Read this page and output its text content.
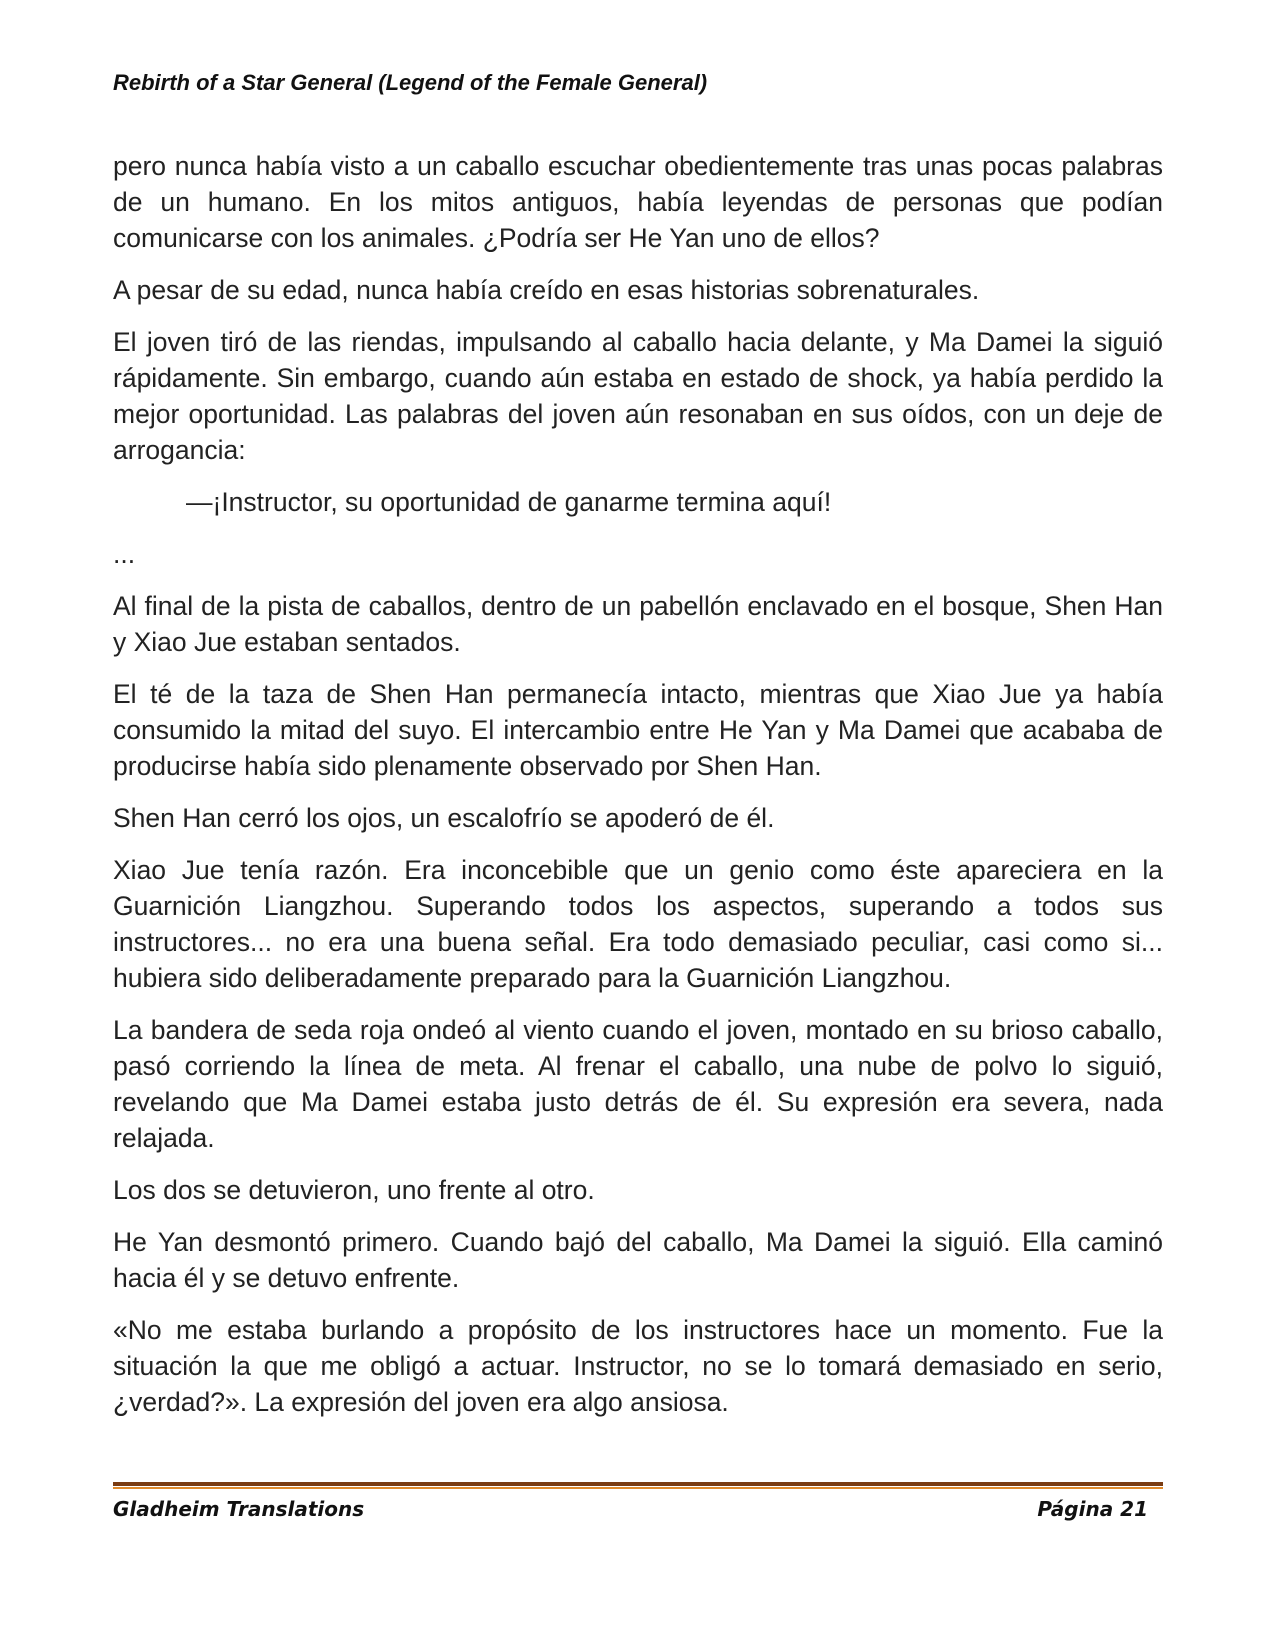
Rebirth of a Star General (Legend of the Female General)

pero nunca había visto a un caballo escuchar obedientemente tras unas pocas palabras de un humano. En los mitos antiguos, había leyendas de personas que podían comunicarse con los animales. ¿Podría ser He Yan uno de ellos?

A pesar de su edad, nunca había creído en esas historias sobrenaturales.

El joven tiró de las riendas, impulsando al caballo hacia delante, y Ma Damei la siguió rápidamente. Sin embargo, cuando aún estaba en estado de shock, ya había perdido la mejor oportunidad. Las palabras del joven aún resonaban en sus oídos, con un deje de arrogancia:

—¡Instructor, su oportunidad de ganarme termina aquí!

...

Al final de la pista de caballos, dentro de un pabellón enclavado en el bosque, Shen Han y Xiao Jue estaban sentados.

El té de la taza de Shen Han permanecía intacto, mientras que Xiao Jue ya había consumido la mitad del suyo. El intercambio entre He Yan y Ma Damei que acababa de producirse había sido plenamente observado por Shen Han.

Shen Han cerró los ojos, un escalofrío se apoderó de él.

Xiao Jue tenía razón. Era inconcebible que un genio como éste apareciera en la Guarnición Liangzhou. Superando todos los aspectos, superando a todos sus instructores... no era una buena señal. Era todo demasiado peculiar, casi como si... hubiera sido deliberadamente preparado para la Guarnición Liangzhou.

La bandera de seda roja ondeó al viento cuando el joven, montado en su brioso caballo, pasó corriendo la línea de meta. Al frenar el caballo, una nube de polvo lo siguió, revelando que Ma Damei estaba justo detrás de él. Su expresión era severa, nada relajada.

Los dos se detuvieron, uno frente al otro.

He Yan desmontó primero. Cuando bajó del caballo, Ma Damei la siguió. Ella caminó hacia él y se detuvo enfrente.

«No me estaba burlando a propósito de los instructores hace un momento. Fue la situación la que me obligó a actuar. Instructor, no se lo tomará demasiado en serio, ¿verdad?». La expresión del joven era algo ansiosa.

Gladheim Translations	Página 21
